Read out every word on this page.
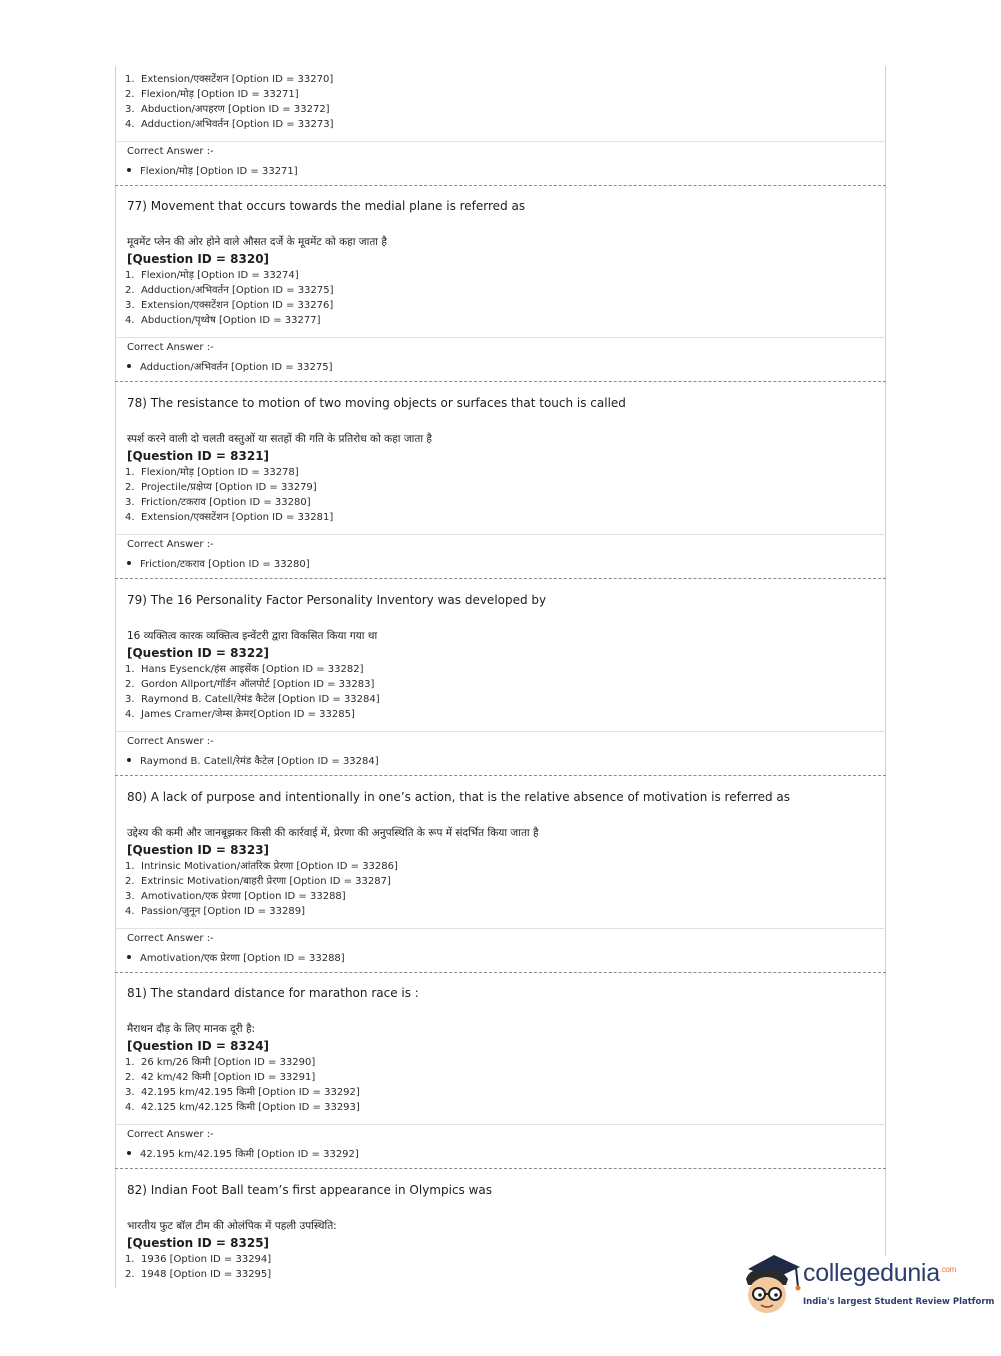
1. Extension/एक्सटेंशन [Option ID = 33270]
2. Flexion/मोड़ [Option ID = 33271]
3. Abduction/अपहरण [Option ID = 33272]
4. Adduction/अभिवर्तन [Option ID = 33273]
Correct Answer :-
Flexion/मोड़ [Option ID = 33271]
77) Movement that occurs towards the medial plane is referred as
मूवमेंट प्लेन की ओर होने वाले औसत दर्जे के मूवमेंट को कहा जाता है
[Question ID = 8320]
1. Flexion/मोड़ [Option ID = 33274]
2. Adduction/अभिवर्तन [Option ID = 33275]
3. Extension/एक्सटेंशन [Option ID = 33276]
4. Abduction/पृथ्वेष [Option ID = 33277]
Correct Answer :-
Adduction/अभिवर्तन [Option ID = 33275]
78) The resistance to motion of two moving objects or surfaces that touch is called
स्पर्श करने वाली दो चलती वस्तुओं या सतहों की गति के प्रतिरोध को कहा जाता है
[Question ID = 8321]
1. Flexion/मोड़ [Option ID = 33278]
2. Projectile/प्रक्षेप्य [Option ID = 33279]
3. Friction/टकराव [Option ID = 33280]
4. Extension/एक्सटेंशन [Option ID = 33281]
Correct Answer :-
Friction/टकराव [Option ID = 33280]
79) The 16 Personality Factor Personality Inventory was developed by
16 व्यक्तित्व कारक व्यक्तित्व इन्वेंटरी द्वारा विकसित किया गया था
[Question ID = 8322]
1. Hans Eysenck/हंस आइसेंक [Option ID = 33282]
2. Gordon Allport/गॉर्डन ऑलपोर्ट [Option ID = 33283]
3. Raymond B. Catell/रेमंड कैटेल [Option ID = 33284]
4. James Cramer/जेम्स क्रेमर[Option ID = 33285]
Correct Answer :-
Raymond B. Catell/रेमंड कैटेल [Option ID = 33284]
80) A lack of purpose and intentionally in one’s action, that is the relative absence of motivation is referred as
उद्देश्य की कमी और जानबूझकर किसी की कार्रवाई में, प्रेरणा की अनुपस्थिति के रूप में संदर्भित किया जाता है
[Question ID = 8323]
1. Intrinsic Motivation/आंतरिक प्रेरणा [Option ID = 33286]
2. Extrinsic Motivation/बाहरी प्रेरणा [Option ID = 33287]
3. Amotivation/एक प्रेरणा [Option ID = 33288]
4. Passion/जुनून [Option ID = 33289]
Correct Answer :-
Amotivation/एक प्रेरणा [Option ID = 33288]
81) The standard distance for marathon race is :
मैराथन दौड़ के लिए मानक दूरी है:
[Question ID = 8324]
1. 26 km/26 किमी [Option ID = 33290]
2. 42 km/42 किमी [Option ID = 33291]
3. 42.195 km/42.195 किमी [Option ID = 33292]
4. 42.125 km/42.125 किमी [Option ID = 33293]
Correct Answer :-
42.195 km/42.195 किमी [Option ID = 33292]
82) Indian Foot Ball team’s first appearance in Olympics was
भारतीय फुट बॉल टीम की ओलंपिक में पहली उपस्थिति:
[Question ID = 8325]
1. 1936 [Option ID = 33294]
2. 1948 [Option ID = 33295]	collegedunia$^{.com}$
India's largest Student Review Platform
